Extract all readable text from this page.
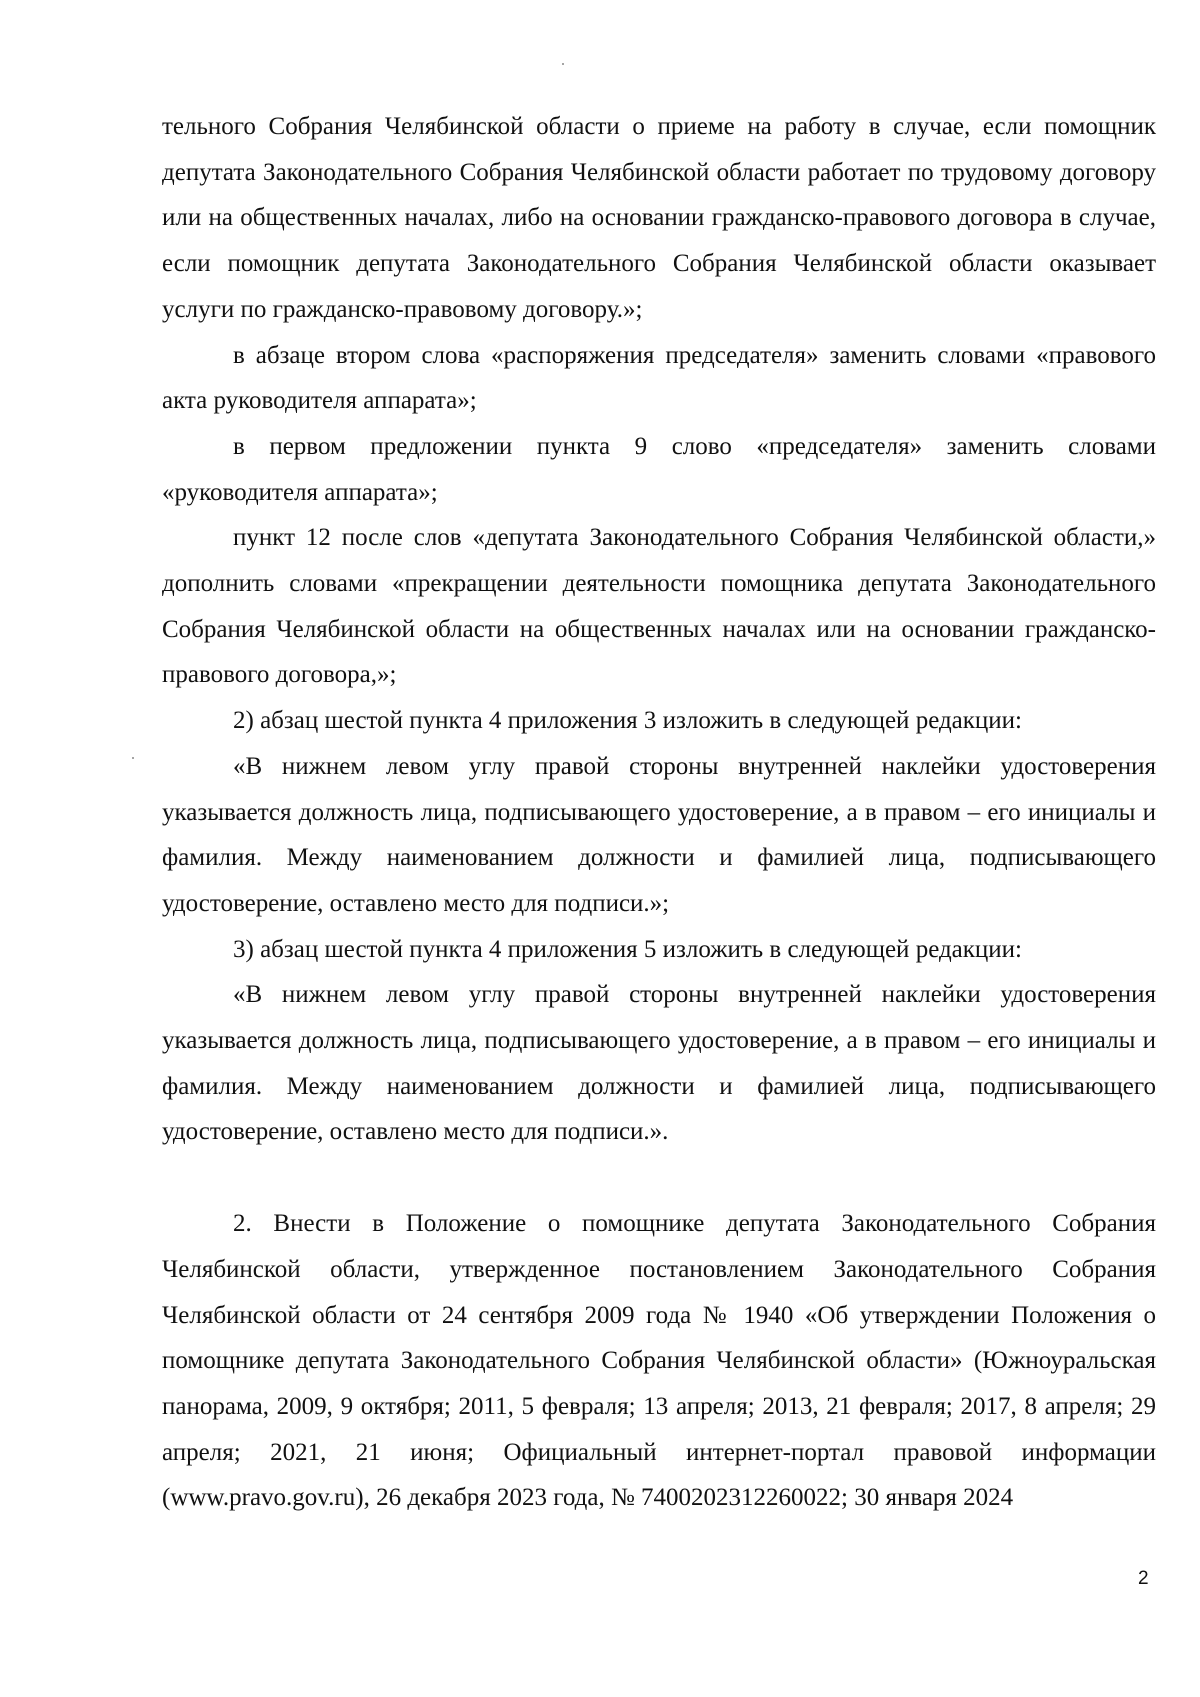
тельного Собрания Челябинской области о приеме на работу в случае, если помощник депутата Законодательного Собрания Челябинской области работает по трудовому договору или на общественных началах, либо на основании гражданско-правового договора в случае, если помощник депутата Законодательного Собрания Челябинской области оказывает услуги по гражданско-правовому договору.»;

в абзаце втором слова «распоряжения председателя» заменить словами «правового акта руководителя аппарата»;

в первом предложении пункта 9 слово «председателя» заменить словами «руководителя аппарата»;

пункт 12 после слов «депутата Законодательного Собрания Челябинской области,» дополнить словами «прекращении деятельности помощника депутата Законодательного Собрания Челябинской области на общественных началах или на основании гражданско-правового договора,»;

2) абзац шестой пункта 4 приложения 3 изложить в следующей редакции:

«В нижнем левом углу правой стороны внутренней наклейки удостоверения указывается должность лица, подписывающего удостоверение, а в правом – его инициалы и фамилия. Между наименованием должности и фамилией лица, подписывающего удостоверение, оставлено место для подписи.»;

3) абзац шестой пункта 4 приложения 5 изложить в следующей редакции:

«В нижнем левом углу правой стороны внутренней наклейки удостоверения указывается должность лица, подписывающего удостоверение, а в правом – его инициалы и фамилия. Между наименованием должности и фамилией лица, подписывающего удостоверение, оставлено место для подписи.».

2. Внести в Положение о помощнике депутата Законодательного Собрания Челябинской области, утвержденное постановлением Законодательного Собрания Челябинской области от 24 сентября 2009 года № 1940 «Об утверждении Положения о помощнике депутата Законодательного Собрания Челябинской области» (Южноуральская панорама, 2009, 9 октября; 2011, 5 февраля; 13 апреля; 2013, 21 февраля; 2017, 8 апреля; 29 апреля; 2021, 21 июня; Официальный интернет-портал правовой информации (www.pravo.gov.ru), 26 декабря 2023 года, № 7400202312260022; 30 января 2024

2
